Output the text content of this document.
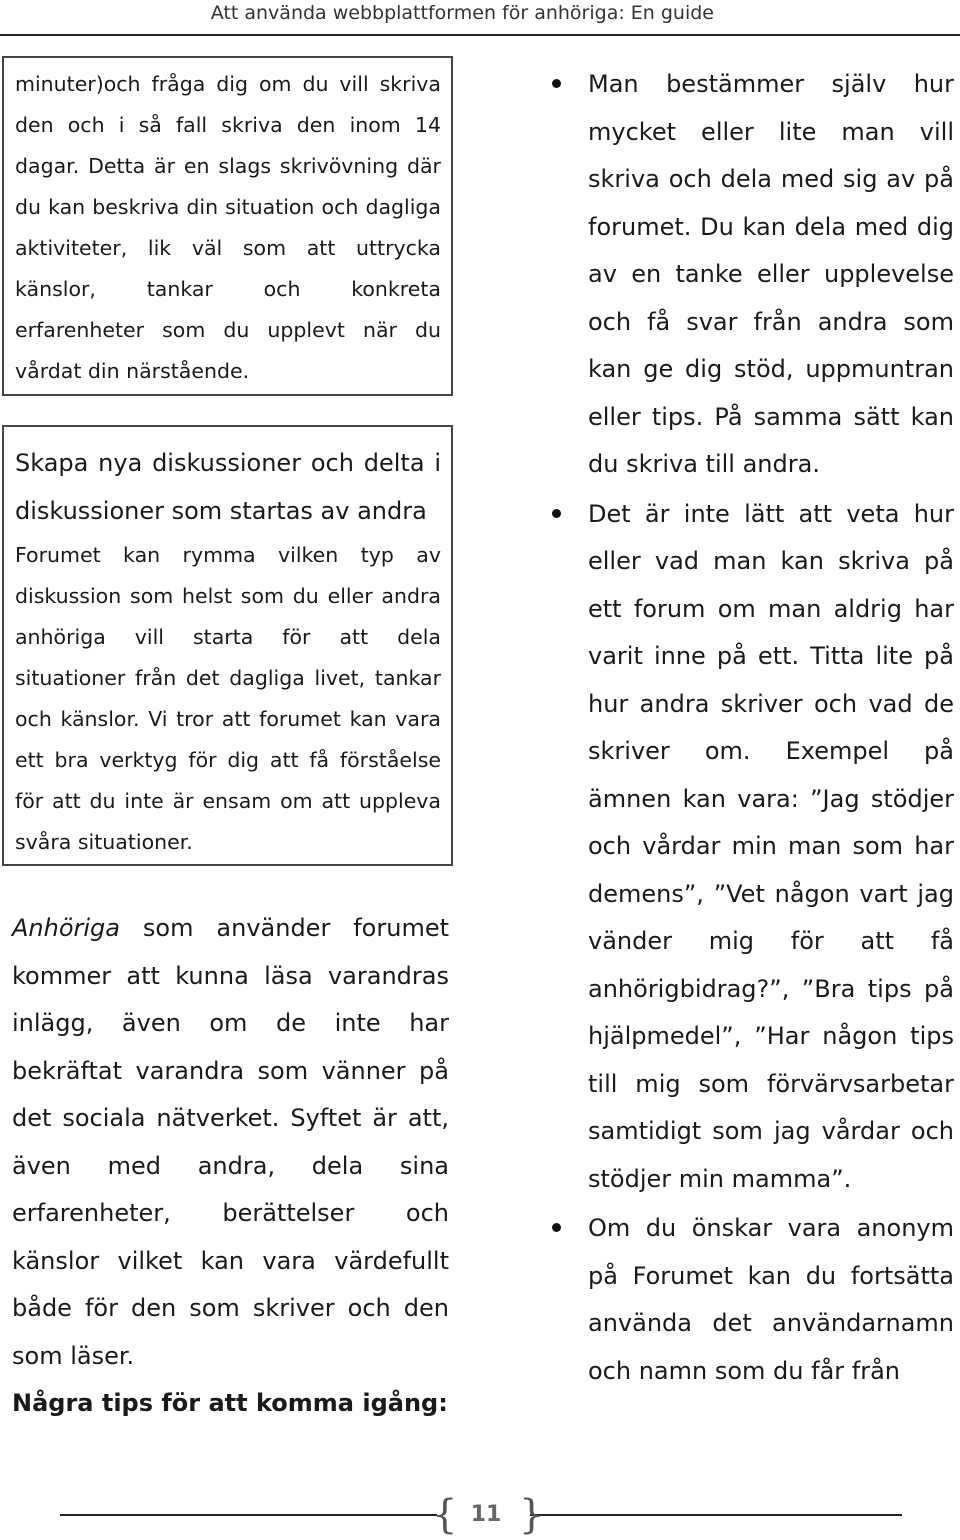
Att använda webbplattformen för anhöriga: En guide

minuter)och fråga dig om du vill skriva den och i så fall skriva den inom 14 dagar. Detta är en slags skrivövning där du kan beskriva din situation och dagliga aktiviteter, lik väl som att uttrycka känslor, tankar och konkreta erfarenheter som du upplevt när du vårdat din närstående.

Skapa nya diskussioner och delta i diskussioner som startas av andra

Forumet kan rymma vilken typ av diskussion som helst som du eller andra anhöriga vill starta för att dela situationer från det dagliga livet, tankar och känslor. Vi tror att forumet kan vara ett bra verktyg för dig att få förståelse för att du inte är ensam om att uppleva svåra situationer.

Anhöriga som använder forumet kommer att kunna läsa varandras inlägg, även om de inte har bekräftat varandra som vänner på det sociala nätverket. Syftet är att, även med andra, dela sina erfarenheter, berättelser och känslor vilket kan vara värdefullt både för den som skriver och den som läser.

Några tips för att komma igång:

Man bestämmer själv hur mycket eller lite man vill skriva och dela med sig av på forumet. Du kan dela med dig av en tanke eller upplevelse och få svar från andra som kan ge dig stöd, uppmuntran eller tips. På samma sätt kan du skriva till andra.

Det är inte lätt att veta hur eller vad man kan skriva på ett forum om man aldrig har varit inne på ett. Titta lite på hur andra skriver och vad de skriver om. Exempel på ämnen kan vara: ”Jag stödjer och vårdar min man som har demens”, ”Vet någon vart jag vänder mig för att få anhörigbidrag?”, ”Bra tips på hjälpmedel”, ”Har någon tips till mig som förvärvsarbetar samtidigt som jag vårdar och stödjer min mamma”.

Om du önskar vara anonym på Forumet kan du fortsätta använda det användarnamn och namn som du får från

{ }
11
